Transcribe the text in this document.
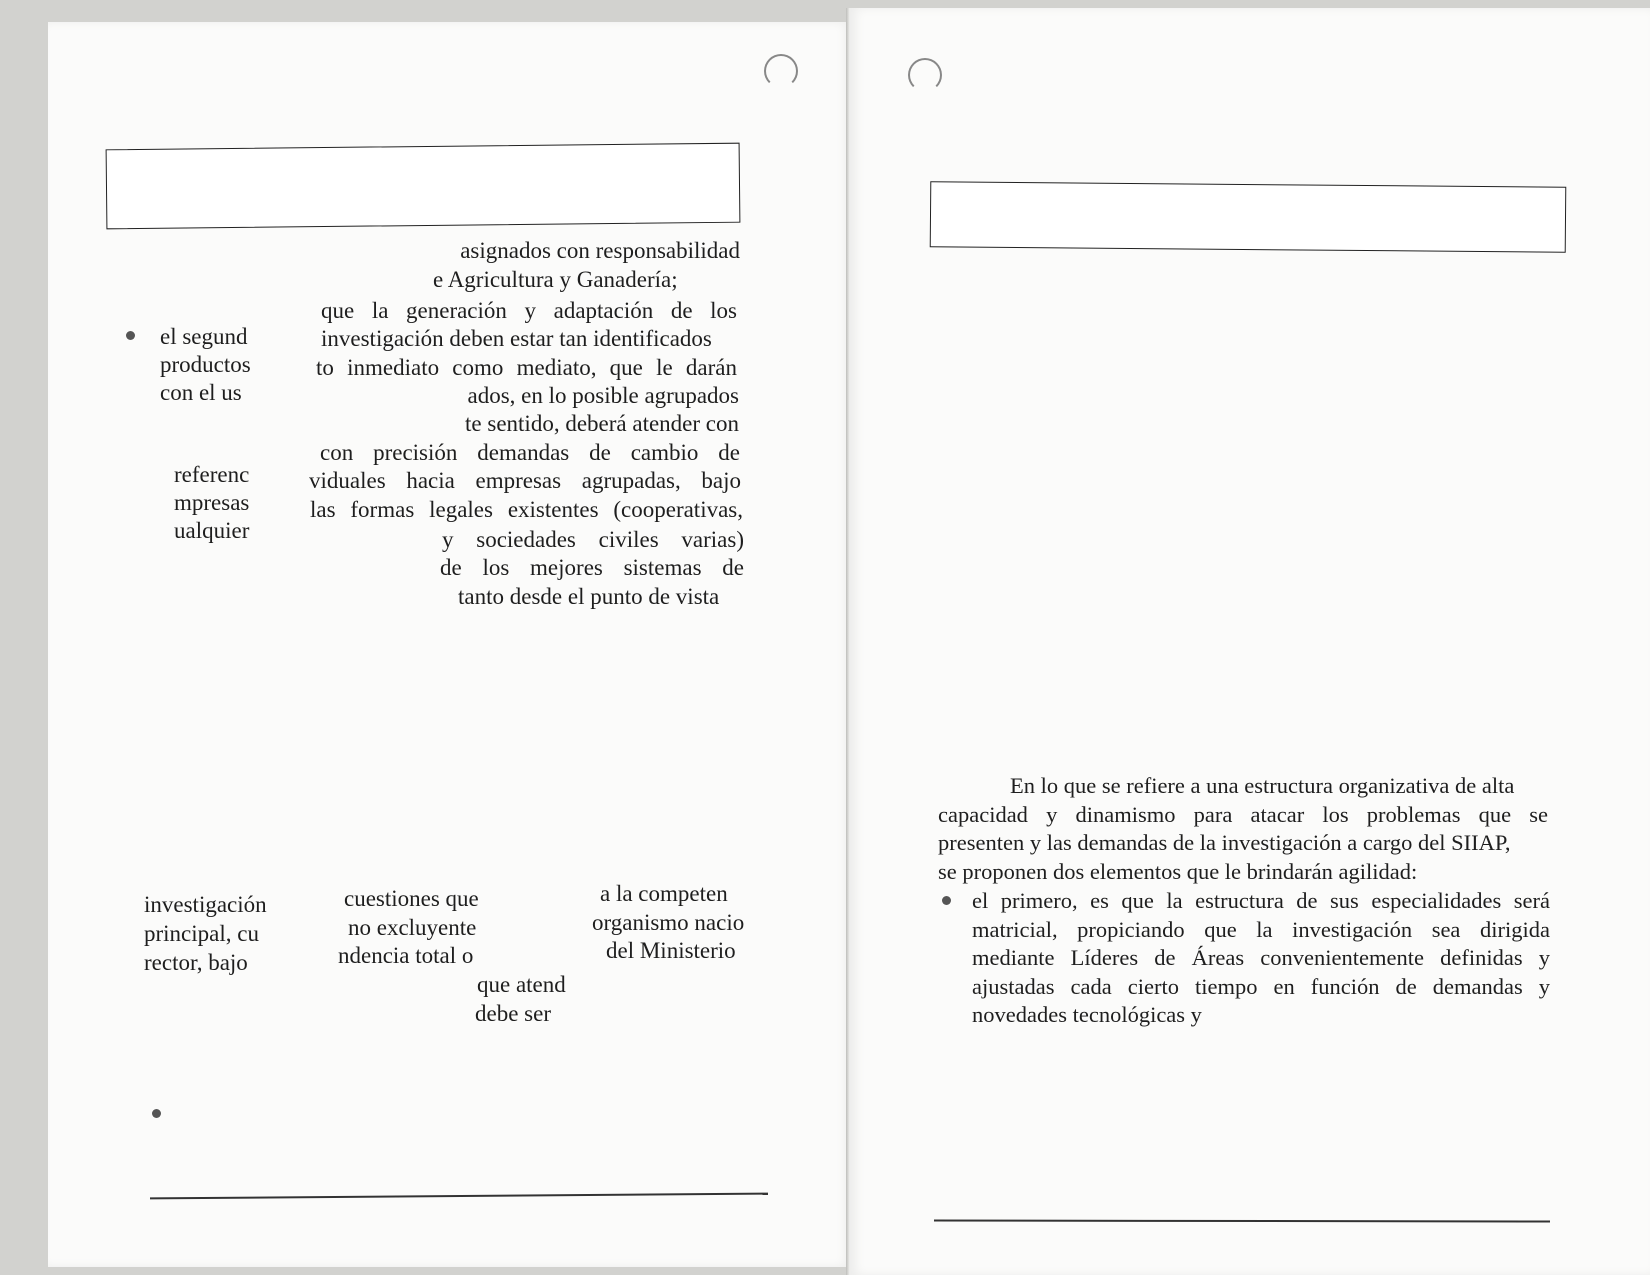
asignados con responsabilidad
e Agricultura y Ganadería;
que la generación y adaptación de los
investigación deben estar tan identificados
to inmediato como mediato, que le darán
ados, en lo posible agrupados
te sentido, deberá atender con
con precisión demandas de cambio de
viduales hacia empresas agrupadas, bajo
las formas legales existentes (cooperativas,
y sociedades civiles varias)
de los mejores sistemas de
tanto desde el punto de vista
el segund
productos
con el us
referenc
mpresas
ualquier
investigación
principal, cu
rector, bajo
cuestiones que
no excluyente
ndencia total o
que atend
debe ser
a la competen
organismo nacio
del Ministerio
En lo que se refiere a una estructura organizativa de alta
capacidad y dinamismo para atacar los problemas que se
presenten y las demandas de la investigación a cargo del SIIAP,
se proponen dos elementos que le brindarán agilidad:
el primero, es que la estructura de sus especialidades será
matricial, propiciando que la investigación sea dirigida
mediante Líderes de Áreas convenientemente definidas y
ajustadas cada cierto tiempo en función de demandas y
novedades tecnológicas y
